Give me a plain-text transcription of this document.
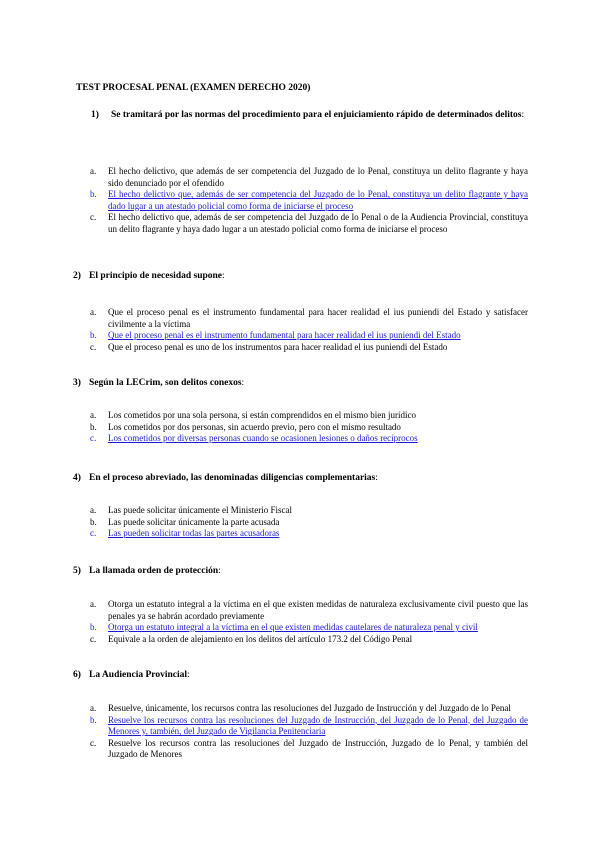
TEST PROCESAL PENAL (EXAMEN DERECHO 2020)
1) Se tramitará por las normas del procedimiento para el enjuiciamiento rápido de determinados delitos:
a. El hecho delictivo, que además de ser competencia del Juzgado de lo Penal, constituya un delito flagrante y haya sido denunciado por el ofendido
b. El hecho delictivo que, además de ser competencia del Juzgado de lo Penal, constituya un delito flagrante y haya dado lugar a un atestado policial como forma de iniciarse el proceso
c. El hecho delictivo que, además de ser competencia del Juzgado de lo Penal o de la Audiencia Provincial, constituya un delito flagrante y haya dado lugar a un atestado policial como forma de iniciarse el proceso
2) El principio de necesidad supone:
a. Que el proceso penal es el instrumento fundamental para hacer realidad el ius puniendi del Estado y satisfacer civilmente a la víctima
b. Que el proceso penal es el instrumento fundamental para hacer realidad el ius puniendi del Estado
c. Que el proceso penal es uno de los instrumentos para hacer realidad el ius puniendi del Estado
3) Según la LECrim, son delitos conexos:
a. Los cometidos por una sola persona, si están comprendidos en el mismo bien jurídico
b. Los cometidos por dos personas, sin acuerdo previo, pero con el mismo resultado
c. Los cometidos por diversas personas cuando se ocasionen lesiones o daños recíprocos
4) En el proceso abreviado, las denominadas diligencias complementarias:
a. Las puede solicitar únicamente el Ministerio Fiscal
b. Las puede solicitar únicamente la parte acusada
c. Las pueden solicitar todas las partes acusadoras
5) La llamada orden de protección:
a. Otorga un estatuto integral a la víctima en el que existen medidas de naturaleza exclusivamente civil puesto que las penales ya se habrán acordado previamente
b. Otorga un estatuto integral a la víctima en el que existen medidas cautelares de naturaleza penal y civil
c. Equivale a la orden de alejamiento en los delitos del artículo 173.2 del Código Penal
6) La Audiencia Provincial:
a. Resuelve, únicamente, los recursos contra las resoluciones del Juzgado de Instrucción y del Juzgado de lo Penal
b. Resuelve los recursos contra las resoluciones del Juzgado de Instrucción, del Juzgado de lo Penal, del Juzgado de Menores y, también, del Juzgado de Vigilancia Penitenciaria
c. Resuelve los recursos contra las resoluciones del Juzgado de Instrucción, Juzgado de lo Penal, y también del Juzgado de Menores
